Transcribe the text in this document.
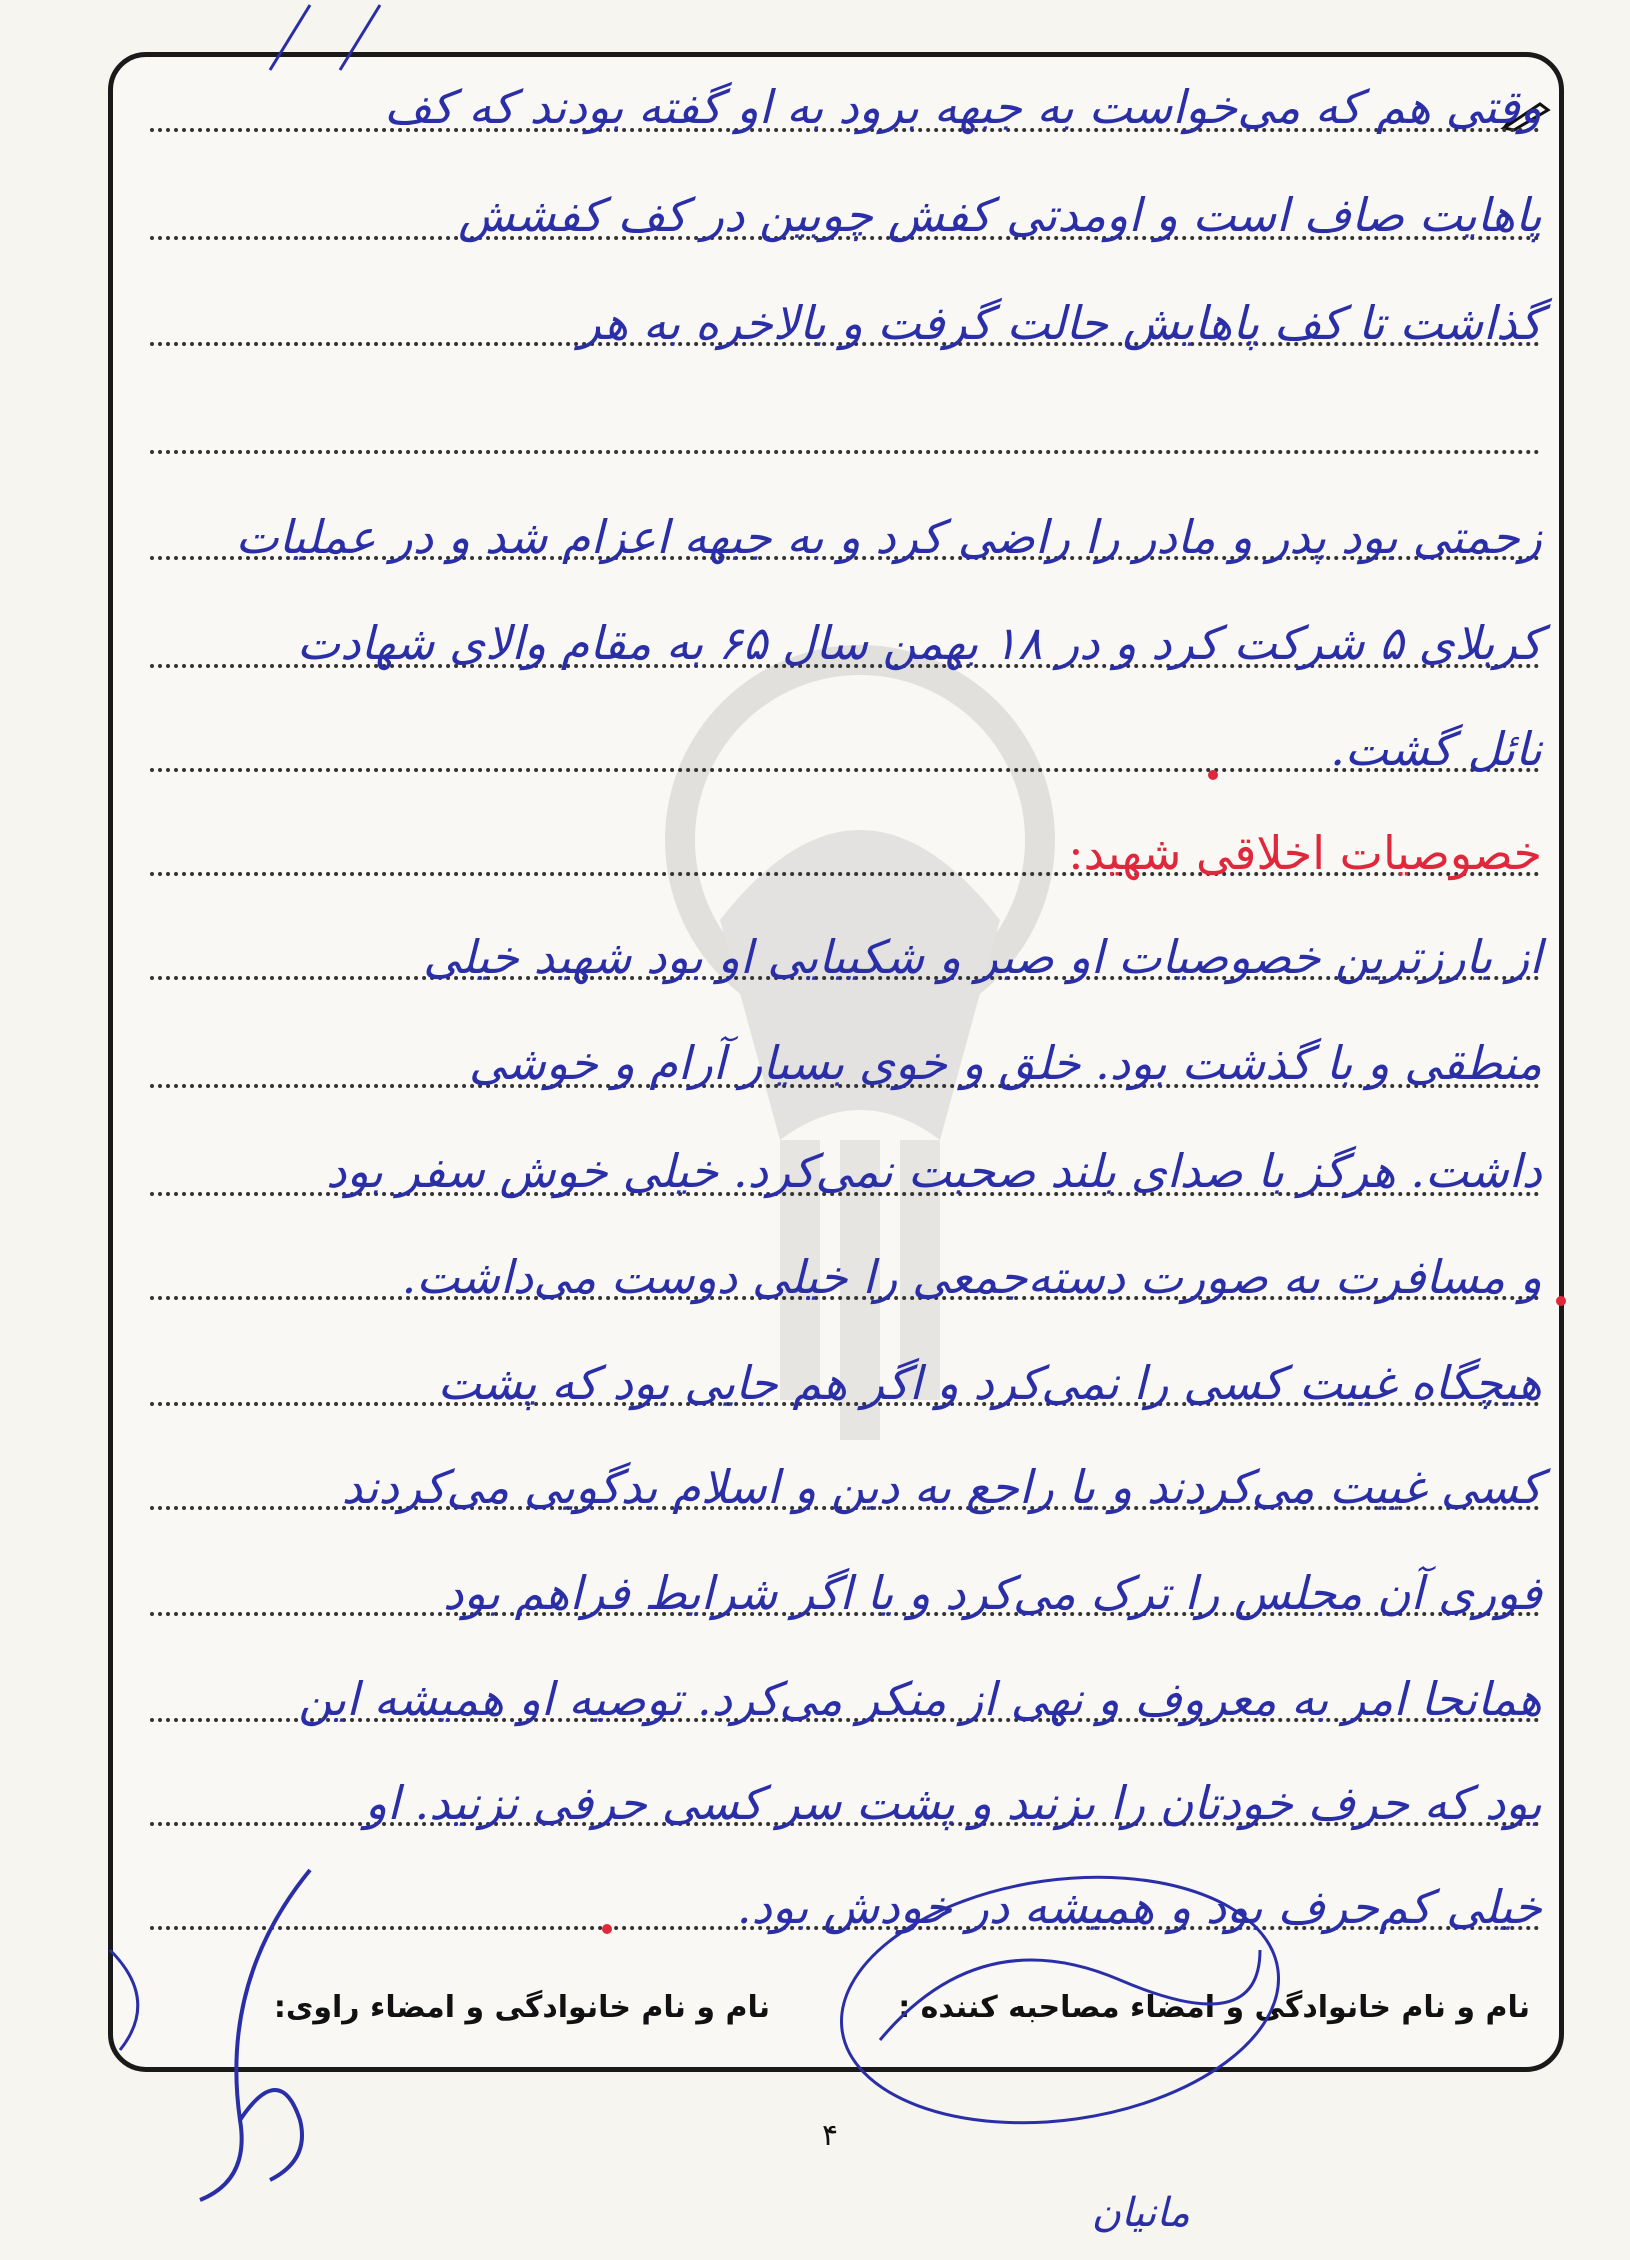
وقتی هم که می‌خواست به جبهه برود به او گفته بودند که کف
پاهایت صاف است و اومدتی کفش چوبین در کف کفشش
گذاشت تا کف پاهایش حالت گرفت و بالاخره به هر
زحمتی بود پدر و مادر را راضی کرد و به جبهه اعزام شد و در عملیات
کربلای ۵ شرکت کرد و در ۱۸ بهمن سال ۶۵ به مقام والای شهادت
نائل گشت.
خصوصیات اخلاقی شهید:
از بارزترین خصوصیات او صبر و شکیبایی او بود شهید خیلی
منطقی و با گذشت بود. خلق و خوی بسیار آرام و خوشی
داشت. هرگز با صدای بلند صحبت نمی‌کرد. خیلی خوش سفر بود
و مسافرت به صورت دسته‌جمعی را خیلی دوست می‌داشت.
هیچگاه غیبت کسی را نمی‌کرد و اگر هم جایی بود که پشت
کسی غیبت می‌کردند و یا راجع به دین و اسلام بدگویی می‌کردند
فوری آن مجلس را ترک می‌کرد و یا اگر شرایط فراهم بود
همانجا امر به معروف و نهی از منکر می‌کرد. توصیه او همیشه این
بود که حرف خودتان را بزنید و پشت سر کسی حرفی نزنید. او
خیلی کم‌حرف بود و همیشه در خودش بود.
نام و نام خانوادگی و امضاء مصاحبه کننده :
نام و نام خانوادگی و امضاء راوی:
۴
مانیان
